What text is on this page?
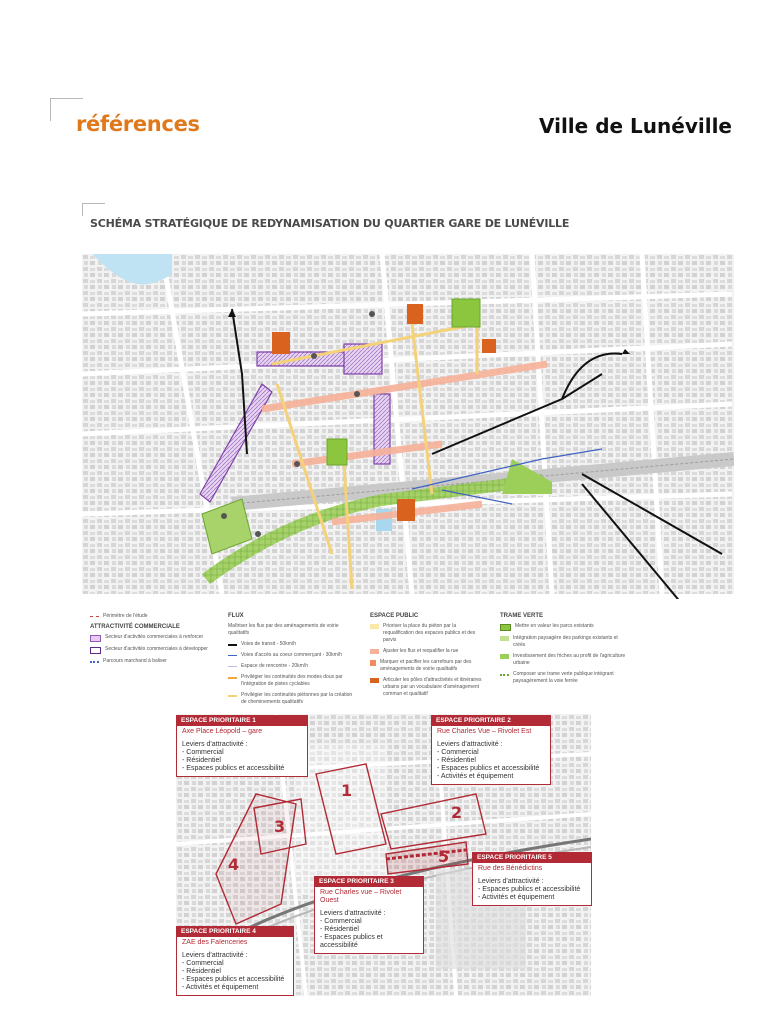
références	Ville de Lunéville
SCHÉMA STRATÉGIQUE DE REDYNAMISATION DU QUARTIER GARE DE LUNÉVILLE
Périmètre de l'étude
ATTRACTIVITÉ COMMERCIALE
Secteur d'activités commerciales à renforcer
Secteur d'activités commerciales à développer
Parcours marchand à baliser
FLUX
Maîtriser les flux par des aménagements de voirie qualitatifs
Voies de transit - 50km/h
Voies d'accès au coeur commerçant - 30km/h
Espace de rencontre - 20km/h
Privilégier les continuités des modes doux par l'intégration de pistes cyclables
Privilégier les continuités piétonnes par la création de cheminements qualitatifs
ESPACE PUBLIC
Prioriser la place du piéton par la requalification des espaces publics et des parvis
Ajuster les flux et requalifier la rue
Marquer et pacifier les carrefours par des aménagements de voirie qualitatifs
Articuler les pôles d'attractivités et itinéraires urbains par un vocabulaire d'aménagement commun et qualitatif
TRAME VERTE
Mettre en valeur les parcs existants
Intégration paysagère des parkings existants et créés
Investissement des friches au profit de l'agriculture urbaine
Composer une trame verte publique intégrant paysagèrement la voie ferrée
1
2
3
4	5
ESPACE PRIORITAIRE 1
Axe Place Léopold – gare
Leviers d'attractivité :
- Commercial
- Résidentiel
- Espaces publics et accessibilité
ESPACE PRIORITAIRE 2
Rue Charles Vue – Rivolet Est
Leviers d'attractivité :
- Commercial
- Résidentiel
- Espaces publics et accessibilité
- Activités et équipement
ESPACE PRIORITAIRE 5
Rue des Bénédictins
Leviers d'attractivité :
- Espaces publics et accessibilité
- Activités et équipement
ESPACE PRIORITAIRE 3
Rue Charles vue – Rivolet Ouest
Leviers d'attractivité :
- Commercial
- Résidentiel
- Espaces publics et accessibilité
ESPACE PRIORITAIRE 4
ZAE des Faïenceries
Leviers d'attractivité :
- Commercial
- Résidentiel
- Espaces publics et accessibilité
- Activités et équipement
